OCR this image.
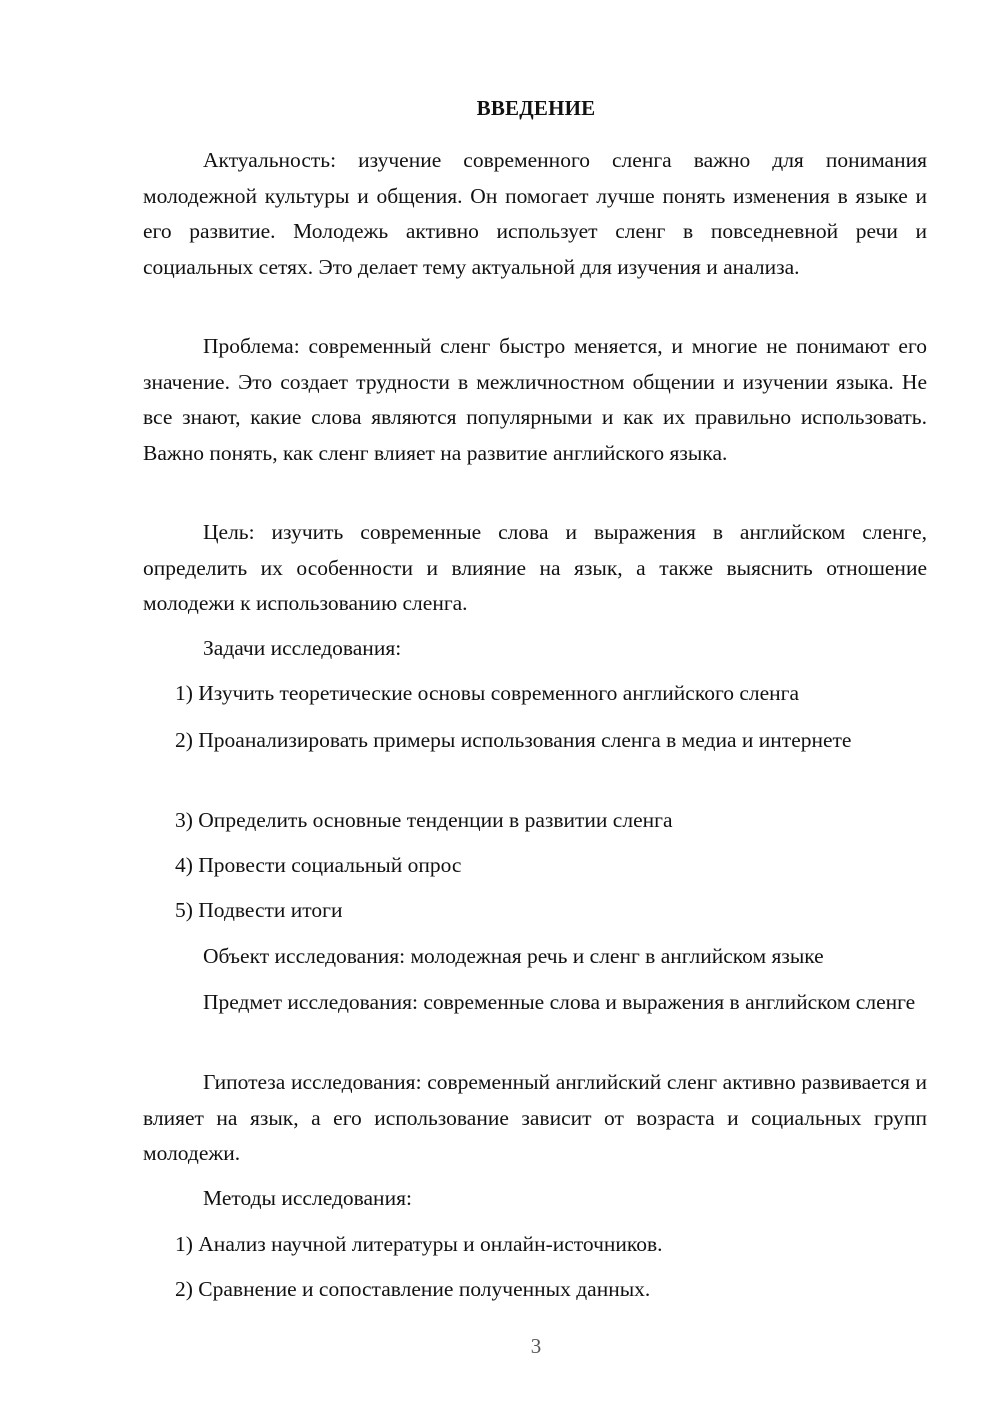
ВВЕДЕНИЕ
Актуальность: изучение современного сленга важно для понимания молодежной культуры и общения. Он помогает лучше понять изменения в языке и его развитие. Молодежь активно использует сленг в повседневной речи и социальных сетях. Это делает тему актуальной для изучения и анализа.
Проблема: современный сленг быстро меняется, и многие не понимают его значение. Это создает трудности в межличностном общении и изучении языка. Не все знают, какие слова являются популярными и как их правильно использовать. Важно понять, как сленг влияет на развитие английского языка.
Цель: изучить современные слова и выражения в английском сленге, определить их особенности и влияние на язык, а также выяснить отношение молодежи к использованию сленга.
Задачи исследования:
1) Изучить теоретические основы современного английского сленга
2) Проанализировать примеры использования сленга в медиа и интернете
3) Определить основные тенденции в развитии сленга
4) Провести социальный опрос
5) Подвести итоги
Объект исследования: молодежная речь и сленг в английском языке
Предмет исследования: современные слова и выражения в английском сленге
Гипотеза исследования: современный английский сленг активно развивается и влияет на язык, а его использование зависит от возраста и социальных групп молодежи.
Методы исследования:
1) Анализ научной литературы и онлайн-источников.
2) Сравнение и сопоставление полученных данных.
3
